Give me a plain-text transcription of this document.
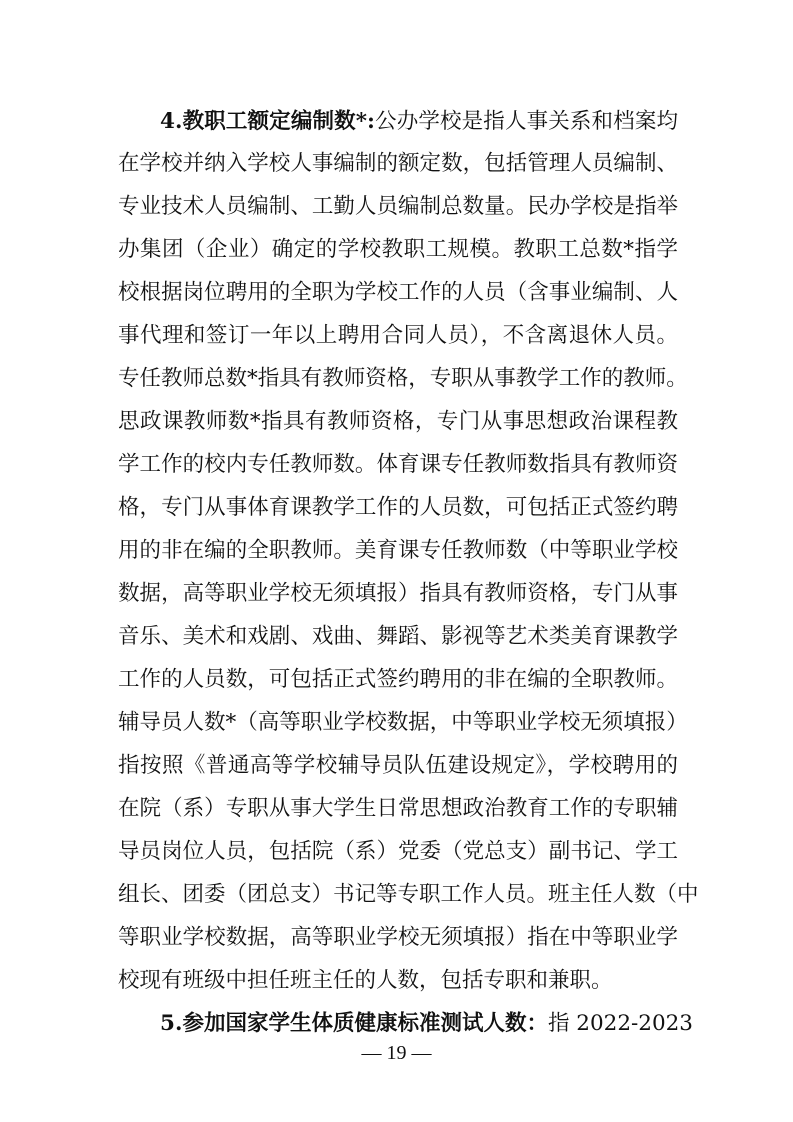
4.教职工额定编制数*:公办学校是指人事关系和档案均
在学校并纳入学校人事编制的额定数，包括管理人员编制、
专业技术人员编制、工勤人员编制总数量。民办学校是指举
办集团（企业）确定的学校教职工规模。教职工总数*指学
校根据岗位聘用的全职为学校工作的人员（含事业编制、人
事代理和签订一年以上聘用合同人员），不含离退休人员。
专任教师总数*指具有教师资格，专职从事教学工作的教师。
思政课教师数*指具有教师资格，专门从事思想政治课程教
学工作的校内专任教师数。体育课专任教师数指具有教师资
格，专门从事体育课教学工作的人员数，可包括正式签约聘
用的非在编的全职教师。美育课专任教师数（中等职业学校
数据，高等职业学校无须填报）指具有教师资格，专门从事
音乐、美术和戏剧、戏曲、舞蹈、影视等艺术类美育课教学
工作的人员数，可包括正式签约聘用的非在编的全职教师。
辅导员人数*（高等职业学校数据，中等职业学校无须填报）
指按照《普通高等学校辅导员队伍建设规定》，学校聘用的
在院（系）专职从事大学生日常思想政治教育工作的专职辅
导员岗位人员，包括院（系）党委（党总支）副书记、学工
组长、团委（团总支）书记等专职工作人员。班主任人数（中
等职业学校数据，高等职业学校无须填报）指在中等职业学
校现有班级中担任班主任的人数，包括专职和兼职。
5.参加国家学生体质健康标准测试人数：指 2022-2023
— 19 —
